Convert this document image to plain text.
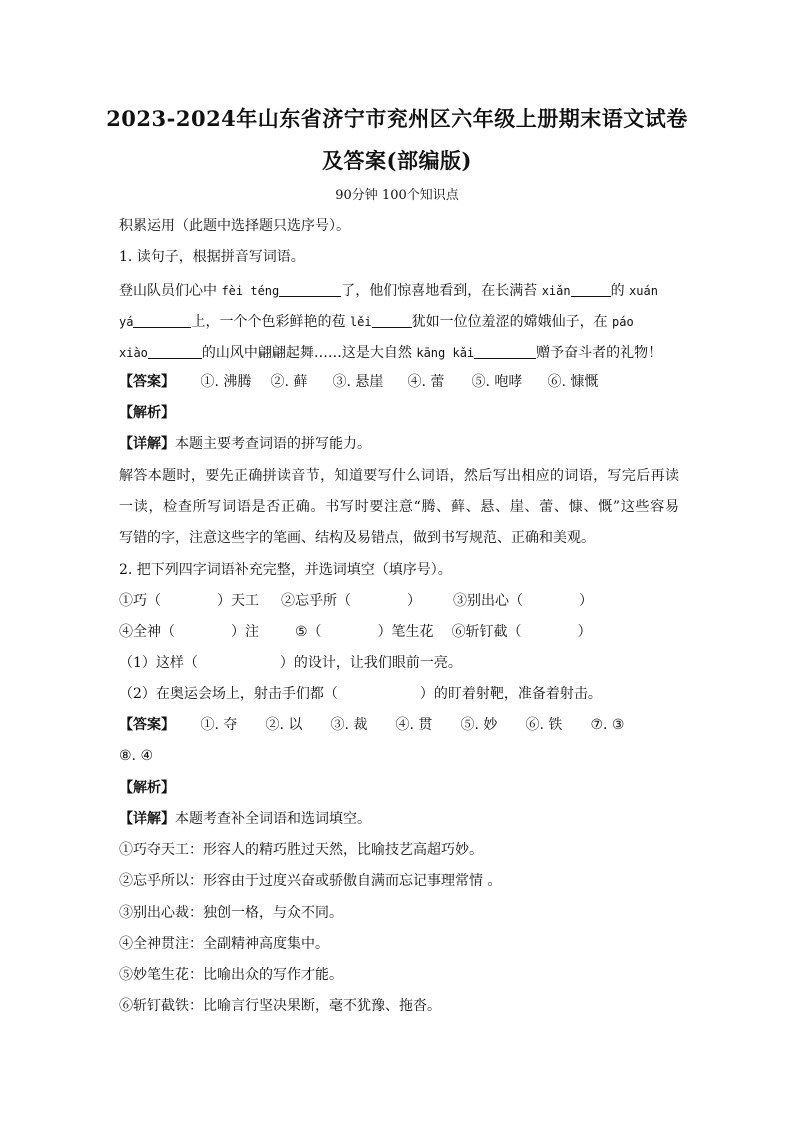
2023-2024年山东省济宁市兖州区六年级上册期末语文试卷
及答案(部编版)
90分钟 100个知识点
积累运用（此题中选择题只选序号）。
1. 读句子，根据拼音写词语。
登山队员们心中 fèi téng	了，他们惊喜地看到，在长满苔 xiǎn	的 xuán
yá	上，一个个色彩鲜艳的苞 lěi	犹如一位位羞涩的嫦娥仙子，在 páo
xiào	的山风中翩翩起舞……这是大自然 kāng kǎi	赠予奋斗者的礼物！
【答案】 ①. 沸腾 ②. 藓 ③. 悬崖 ④. 蕾 ⑤. 咆哮 ⑥. 慷慨
【解析】
【详解】本题主要考查词语的拼写能力。
解答本题时，要先正确拼读音节，知道要写什么词语，然后写出相应的词语，写完后再读
一读，检查所写词语是否正确。书写时要注意“腾、藓、悬、崖、蕾、慷、慨”这些容易
写错的字，注意这些字的笔画、结构及易错点，做到书写规范、正确和美观。
2. 把下列四字词语补充完整，并选词填空（填序号）。
①巧（	）天工 ②忘乎所（	） ③别出心（	）
④全神（	）注	⑤（	）笔生花 ⑥斩钉截（	）
（1）这样（	）的设计，让我们眼前一亮。
（2）在奥运会场上，射击手们都（	）的盯着射靶，准备着射击。
【答案】 ①. 夺 ②. 以 ③. 裁 ④. 贯 ⑤. 妙 ⑥. 铁 ⑦. ③
⑧. ④
【解析】
【详解】本题考查补全词语和选词填空。
①巧夺天工：形容人的精巧胜过天然，比喻技艺高超巧妙。
②忘乎所以：形容由于过度兴奋或骄傲自满而忘记事理常情 。
③别出心裁：独创一格，与众不同。
④全神贯注：全副精神高度集中。
⑤妙笔生花：比喻出众的写作才能。
⑥斩钉截铁：比喻言行坚决果断，毫不犹豫、拖沓。
